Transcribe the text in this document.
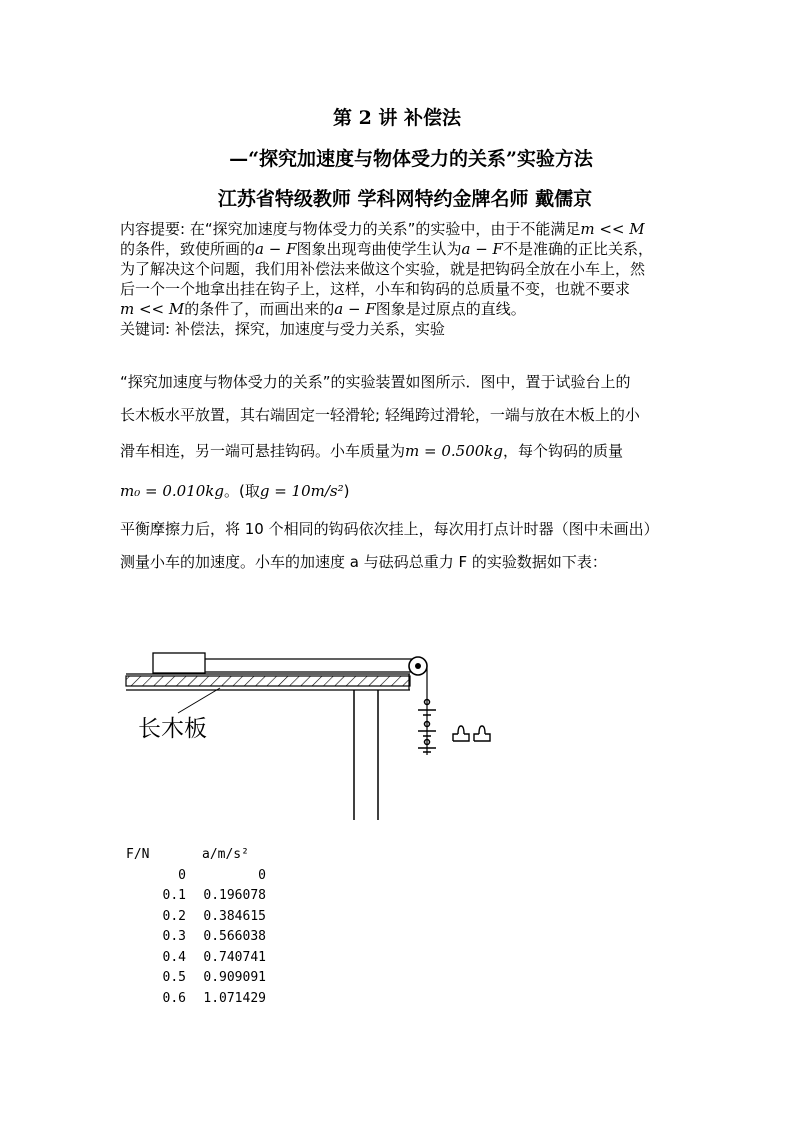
第 2 讲 补偿法
—“探究加速度与物体受力的关系”实验方法
江苏省特级教师 学科网特约金牌名师 戴儒京
内容提要: 在“探究加速度与物体受力的关系”的实验中，由于不能满足m << M
的条件，致使所画的a − F图象出现弯曲使学生认为a − F不是准确的正比关系，
为了解决这个问题，我们用补偿法来做这个实验，就是把钩码全放在小车上，然
后一个一个地拿出挂在钩子上，这样，小车和钩码的总质量不变，也就不要求
m << M的条件了，而画出来的a − F图象是过原点的直线。
关键词: 补偿法，探究，加速度与受力关系，实验
“探究加速度与物体受力的关系”的实验装置如图所示．图中，置于试验台上的
长木板水平放置，其右端固定一轻滑轮; 轻绳跨过滑轮，一端与放在木板上的小
滑车相连，另一端可悬挂钩码。小车质量为m = 0.500kg，每个钩码的质量
m₀ = 0.010kg。(取g = 10m/s²)
平衡摩擦力后，将 10 个相同的钩码依次挂上，每次用打点计时器（图中未画出）
测量小车的加速度。小车的加速度 a 与砝码总重力 F 的实验数据如下表：
长木板
F/N	a/m/s²
0	0
0.1	0.196078
0.2	0.384615
0.3	0.566038
0.4	0.740741
0.5	0.909091
0.6	1.071429
